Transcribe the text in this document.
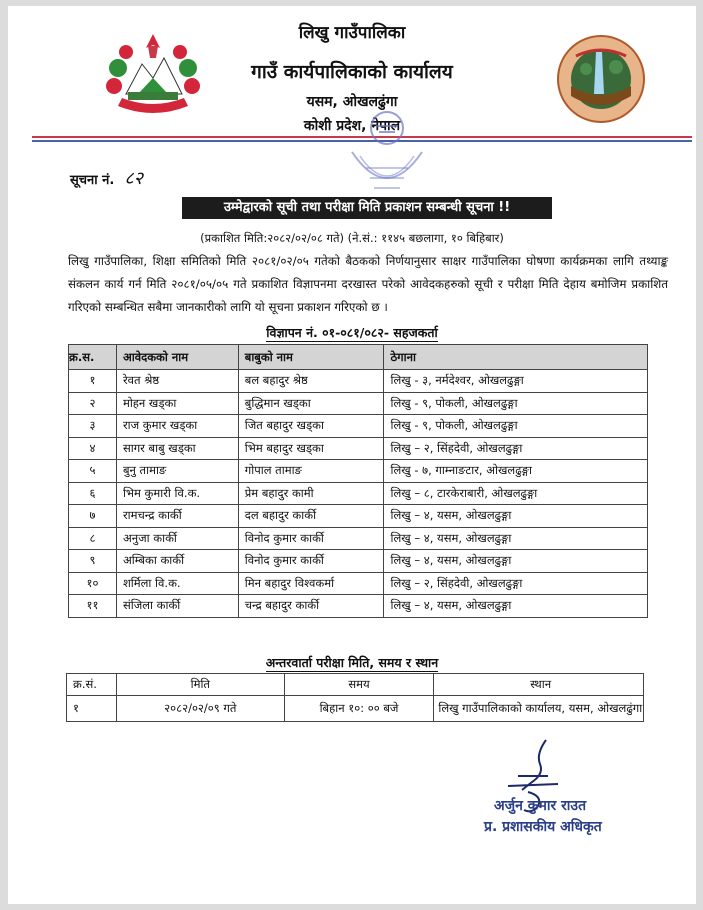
लिखु गाउँपालिका
गाउँ कार्यपालिकाको कार्यालय
यसम, ओखलढुंगा
कोशी प्रदेश, नेपाल
सूचना नं. ८२
उम्मेद्वारको सूची तथा परीक्षा मिति प्रकाशन सम्बन्धी सूचना !!
(प्रकाशित मिति:२०८२/०२/०८ गते) (ने.सं.: ११४५ बछलागा, १० बिहिबार)
लिखु गाउँपालिका, शिक्षा समितिको मिति २०८१/०२/०५ गतेको बैठकको निर्णयानुसार साक्षर गाउँपालिका घोषणा कार्यक्रमका लागि तथ्याङ्क संकलन कार्य गर्न मिति २०८१/०५/०५ गते प्रकाशित विज्ञापनमा दरखास्त परेको आवेदकहरुको सूची र परीक्षा मिति देहाय बमोजिम प्रकाशित गरिएको सम्बन्धित सबैमा जानकारीको लागि यो सूचना प्रकाशन गरिएको छ ।
विज्ञापन नं. ०१-०८१/०८२- सहजकर्ता
क्र.स.	आवेदकको नाम	बाबुको नाम	ठेगाना
१	रेवत श्रेष्ठ	बल बहादुर श्रेष्ठ	लिखु - ३, नर्मदेश्वर, ओखलढुङ्गा
२	मोहन खड्का	बुद्धिमान खड्का	लिखु - ९, पोकली, ओखलढुङ्गा
३	राज कुमार खड्का	जित बहादुर खड्का	लिखु - ९, पोकली, ओखलढुङ्गा
४	सागर बाबु खड्का	भिम बहादुर खड्का	लिखु – २, सिंहदेवी, ओखलढुङ्गा
५	बुनु तामाङ	गोपाल तामाङ	लिखु - ७, गाम्नाङटार, ओखलढुङ्गा
६	भिम कुमारी वि.क.	प्रेम बहादुर कामी	लिखु – ८, टारकेराबारी, ओखलढुङ्गा
७	रामचन्द्र कार्की	दल बहादुर कार्की	लिखु – ४, यसम, ओखलढुङ्गा
८	अनुजा कार्की	विनोद कुमार कार्की	लिखु – ४, यसम, ओखलढुङ्गा
९	अम्बिका कार्की	विनोद कुमार कार्की	लिखु – ४, यसम, ओखलढुङ्गा
१०	शर्मिला वि.क.	मिन बहादुर विश्वकर्मा	लिखु – २, सिंहदेवी, ओखलढुङ्गा
११	संजिला कार्की	चन्द्र बहादुर कार्की	लिखु – ४, यसम, ओखलढुङ्गा
अन्तरवार्ता परीक्षा मिति, समय र स्थान
क्र.सं.	मिति	समय	स्थान
१	२०८२/०२/०९ गते	बिहान १०: ०० बजे	लिखु गाउँपालिकाको कार्यालय, यसम, ओखलढुंगा
अर्जुन कुमार राउत
प्र. प्रशासकीय अधिकृत
